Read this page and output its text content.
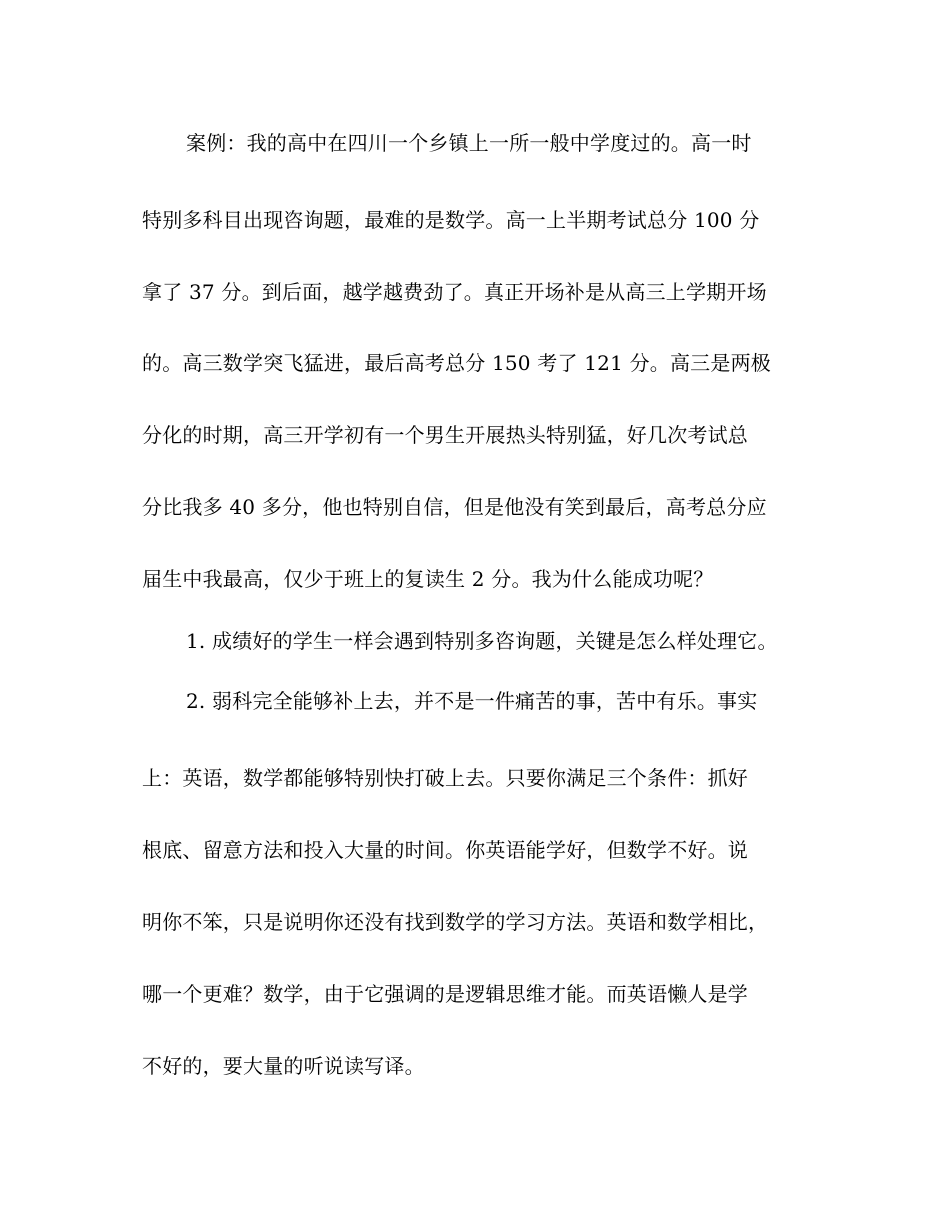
案例：我的高中在四川一个乡镇上一所一般中学度过的。高一时
特别多科目出现咨询题，最难的是数学。高一上半期考试总分 100 分
拿了 37 分。到后面，越学越费劲了。真正开场补是从高三上学期开场
的。高三数学突飞猛进，最后高考总分 150 考了 121 分。高三是两极
分化的时期，高三开学初有一个男生开展热头特别猛，好几次考试总
分比我多 40 多分，他也特别自信，但是他没有笑到最后，高考总分应
届生中我最高，仅少于班上的复读生 2 分。我为什么能成功呢？
1. 成绩好的学生一样会遇到特别多咨询题，关键是怎么样处理它。
2. 弱科完全能够补上去，并不是一件痛苦的事，苦中有乐。事实
上：英语，数学都能够特别快打破上去。只要你满足三个条件：抓好
根底、留意方法和投入大量的时间。你英语能学好，但数学不好。说
明你不笨，只是说明你还没有找到数学的学习方法。英语和数学相比，
哪一个更难？数学，由于它强调的是逻辑思维才能。而英语懒人是学
不好的，要大量的听说读写译。
